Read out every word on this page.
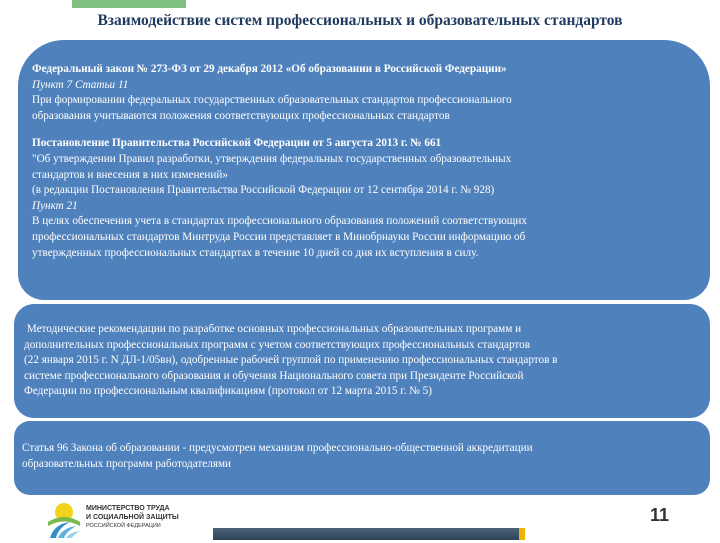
Взаимодействие систем профессиональных и образовательных стандартов
Федеральный закон № 273-ФЗ от 29 декабря 2012 «Об образовании в Российской Федерации»
Пункт 7 Статьи 11
При формировании федеральных государственных образовательных стандартов профессионального
образования учитываются положения соответствующих профессиональных стандартов
Постановление Правительства Российской Федерации от 5 августа 2013 г. № 661
"Об утверждении Правил разработки, утверждения федеральных государственных образовательных
стандартов и внесения в них изменений»
(в редакции Постановления Правительства Российской Федерации от 12 сентября 2014 г. № 928)
Пункт 21
В целях обеспечения учета в стандартах профессионального образования положений соответствующих
профессиональных стандартов Минтруда России представляет в Минобрнауки России информацию об
утвержденных профессиональных стандартах в течение 10 дней со дня их вступления в силу.
Методические рекомендации по разработке основных профессиональных образовательных программ и
дополнительных профессиональных программ с учетом соответствующих профессиональных стандартов
(22 января 2015 г. N ДЛ-1/05вн), одобренные рабочей группой по применению профессиональных стандартов в
системе профессионального образования и обучения Национального совета при Президенте Российской
Федерации по профессиональным квалификациям (протокол от 12 марта 2015 г. № 5)
Статья 96 Закона об образовании - предусмотрен механизм профессионально-общественной аккредитации
образовательных программ работодателями
МИНИСТЕРСТВО ТРУДА
И СОЦИАЛЬНОЙ ЗАЩИТЫ
РОССИЙСКОЙ ФЕДЕРАЦИИ
11
